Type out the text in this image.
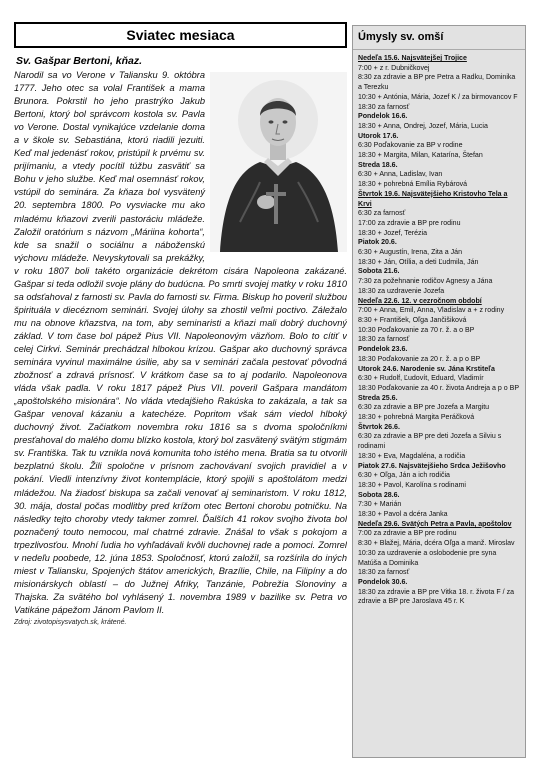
Sviatec mesiaca
Sv. Gašpar Bertoni, kňaz.
Narodil sa vo Verone v Taliansku 9. októbra 1777. Jeho otec sa volal František a mama Brunora. Pokrstil ho jeho prastrýko Jakub Bertoni, ktorý bol správcom kostola sv. Pavla vo Verone. Dostal vynikajúce vzdelanie doma a v škole sv. Sebastiána, ktorú riadili jezuiti. Keď mal jedenásť rokov, pristúpil k prvému sv. prijímaniu, a vtedy pocítil túžbu zasvätiť sa Bohu v jeho službe. Keď mal osemnásť rokov, vstúpil do seminára. Za kňaza bol vysvätený 20. septembra 1800. Po vysviacke mu ako mladému kňazovi zverili pastoráciu mládeže. Založil oratórium s názvom „Máriina kohorta“, kde sa snažil o sociálnu a náboženskú výchovu mládeže. Nevyskytovali sa prekážky, v roku 1807 boli takéto organizácie dekrétom cisára Napoleona zakázané. Gašpar si teda odložil svoje plány do budúcna. Po smrti svojej matky v roku 1810 sa odsťahoval z farnosti sv. Pavla do farnosti sv. Firma. Biskup ho poveril službou špirituála v diecéznom seminári. Svojej úlohy sa zhostil veľmi poctivo. Záležalo mu na obnove kňazstva, na tom, aby seminaristi a kňazi mali dobrý duchovný základ. V tom čase bol pápež Pius VII. Napoleonovým väzňom. Bolo to cítiť v celej Cirkvi. Seminár prechádzal hlbokou krízou. Gašpar ako duchovný správca seminára vyvinul maximálne úsilie, aby sa v seminári začala pestovať pôvodná zbožnosť a zdravá prísnosť. V krátkom čase sa to aj podarilo. Napoleonova vláda však padla. V roku 1817 pápež Pius VII. poveril Gašpara mandátom „apoštolského misionára“. No vláda vtedajšieho Rakúska to zakázala, a tak sa Gašpar venoval kázaniu a katechéze. Popritom však sám viedol hlboký duchovný život. Začiatkom novembra roku 1816 sa s dvoma spoločníkmi presťahoval do malého domu blízko kostola, ktorý bol zasvätený svätým stigmám sv. Františka. Tak tu vznikla nová komunita toho istého mena. Bratia sa tu otvorili bezplatnú školu. Žili spoločne v prísnom zachovávaní svojich pravidiel a v pokání. Viedli intenzívny život kontemplácie, ktorý spojili s apoštolátom medzi mládežou. Na žiadosť biskupa sa začali venovať aj seminaristom. V roku 1812, 30. mája, dostal počas modlitby pred krížom otec Bertoni chorobu potničku. Na následky tejto choroby vtedy takmer zomrel. Ďalších 41 rokov svojho života bol poznačený touto nemocou, mal chatrné zdravie. Znášal to však s pokojom a trpezlivosťou. Mnohí ľudia ho vyhľadávali kvôli duchovnej rade a pomoci. Zomrel v nedeľu poobede, 12. júna 1853. Spoločnosť, ktorú založil, sa rozšírila do iných miest v Taliansku, Spojených štátov amerických, Brazílie, Chile, na Filipíny a do misionárskych oblastí – do Južnej Afriky, Tanzánie, Pobrežia Slonoviny a Thajska. Za svätého bol vyhlásený 1. novembra 1989 v bazilike sv. Petra vo Vatikáne pápežom Jánom Pavlom II.
Zdroj: zivotopisysvatych.sk, krátené.
Úmysly sv. omší
Nedeľa 15.6. Najsvätejšej Trojice
7:00 + z r. Dubničkovej
8:30 za zdravie a BP pre Petra a Radku, Dominika a Terezku
10:30 + Antónia, Mária, Jozef K / za birmovancov F
18:30 za farnosť
Pondelok 16.6.
18:30 + Anna, Ondrej, Jozef, Mária, Lucia
Utorok 17.6.
6:30 Poďakovanie za BP v rodine
18:30 + Margita, Milan, Katarína, Štefan
Streda 18.6.
6:30 + Anna, Ladislav, Ivan
18:30 + pohrebná Emília Rybárová
Štvrtok 19.6. Najsvätejšieho Kristovho Tela a Krvi
6:30 za farnosť
17:00 za zdravie a BP pre rodinu
18:30 + Jozef, Terézia
Piatok 20.6.
6:30 + Augustín, Irena, Zita a Ján
18:30 + Ján, Otília, a deti Ľudmila, Ján
Sobota 21.6.
7:30 za požehnanie rodičov Agnesy a Jána
18:30 za uzdravenie Jozefa
Nedeľa 22.6. 12. v cezročnom období
7:00 + Anna, Emil, Anna, Vladislav a + z rodiny
8:30 + František, Oľga Jančišiková
10:30 Poďakovanie za 70 r. ž. a o BP
18:30 za farnosť
Pondelok 23.6.
18:30 Poďakovanie za 20 r. ž. a p o BP
Utorok 24.6. Narodenie sv. Jána Krstiteľa
6:30 + Rudolf, Ľudovít, Eduard, Vladimír
18:30 Poďakovanie za 40 r. života Andreja a p o BP
Streda 25.6.
6:30 za zdravie a BP pre Jozefa a Margitu
18:30 + pohrebná Margita Peráčková
Štvrtok 26.6.
6:30 za zdravie a BP pre deti Jozefa a Silviu s rodinami
18:30 + Eva, Magdaléna, a rodičia
Piatok 27.6. Najsvätejšieho Srdca Ježišovho
6:30 + Oľga, Ján a ich rodičia
18:30 + Pavol, Karolína s rodinami
Sobota 28.6.
7:30 + Marián
18:30 + Pavol a dcéra Janka
Nedeľa 29.6. Svätých Petra a Pavla, apoštolov
7:00 za zdravie a BP pre rodinu
8:30 + Blažej, Mária, dcéra Oľga a manž. Miroslav
10:30 za uzdravenie a oslobodenie pre syna Matúša a Dominika
18:30 za farnosť
Pondelok 30.6.
18:30 za zdravie a BP pre Vitka 18. r. života F / za zdravie a BP pre Jaroslava 45 r. K
